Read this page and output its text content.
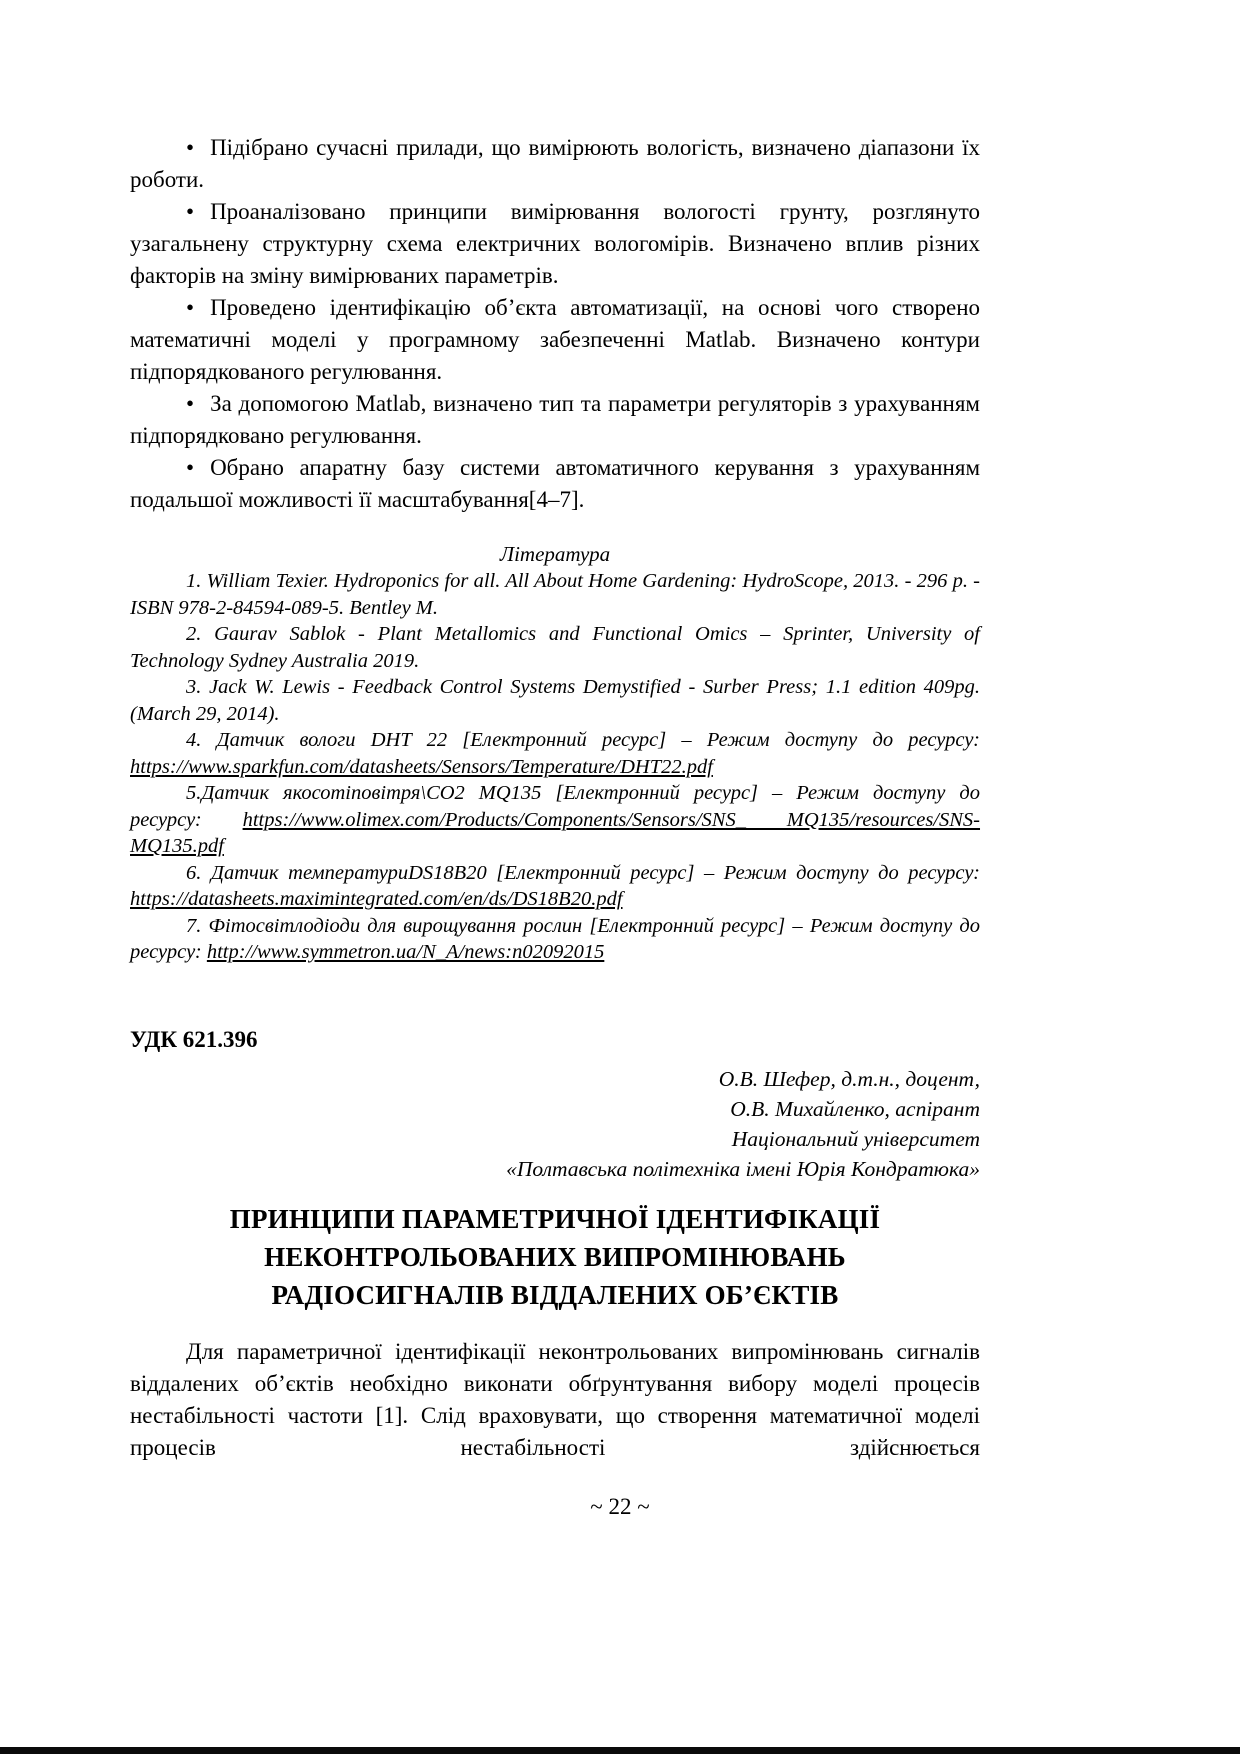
• Підібрано сучасні прилади, що вимірюють вологість, визначено діапазони їх роботи.

• Проаналізовано принципи вимірювання вологості грунту, розглянуто узагальнену структурну схема електричних вологомірів. Визначено вплив різних факторів на зміну вимірюваних параметрів.

• Проведено ідентифікацію об’єкта автоматизації, на основі чого створено математичні моделі у програмному забезпеченні Matlab. Визначено контури підпорядкованого регулювання.

• За допомогою Matlab, визначено тип та параметри регуляторів з урахуванням підпорядковано регулювання.

• Обрано апаратну базу системи автоматичного керування з урахуванням подальшої можливості її масштабування[4–7].

Література

1. William Texier. Hydroponics for all. All About Home Gardening: HydroScope, 2013. - 296 p. - ISBN 978-2-84594-089-5. Bentley M.

2. Gaurav Sablok - Plant Metallomics and Functional Omics – Sprinter, University of Technology Sydney Australia 2019.

3. Jack W. Lewis - Feedback Control Systems Demystified - Surber Press; 1.1 edition 409pg. (March 29, 2014).

4. Датчик вологи DHT 22 [Електронний ресурс] – Режим доступу до ресурсу: https://www.sparkfun.com/datasheets/Sensors/Temperature/DHT22.pdf

5.Датчик якосотіповітря\CO2 MQ135 [Електронний ресурс] – Режим доступу до ресурсу: https://www.olimex.com/Products/Components/Sensors/SNS_ MQ135/resources/SNS-MQ135.pdf

6. Датчик температуриDS18B20 [Електронний ресурс] – Режим доступу до ресурсу: https://datasheets.maximintegrated.com/en/ds/DS18B20.pdf

7. Фітосвітлодіоди для вирощування рослин [Електронний ресурс] – Режим доступу до ресурсу: http://www.symmetron.ua/N_A/news:n02092015

УДК 621.396
О.В. Шефер, д.т.н., доцент,
О.В. Михайленко, аспірант
Національний університет
«Полтавська політехніка імені Юрія Кондратюка»
ПРИНЦИПИ ПАРАМЕТРИЧНОЇ ІДЕНТИФІКАЦІЇ
НЕКОНТРОЛЬОВАНИХ ВИПРОМІНЮВАНЬ
РАДІОСИГНАЛІВ ВІДДАЛЕНИХ ОБ’ЄКТІВ

Для параметричної ідентифікації неконтрольованих випромінювань сигналів віддалених об’єктів необхідно виконати обґрунтування вибору моделі процесів нестабільності частоти [1]. Слід враховувати, що створення математичної моделі процесів нестабільності здійснюється

~ 22 ~
